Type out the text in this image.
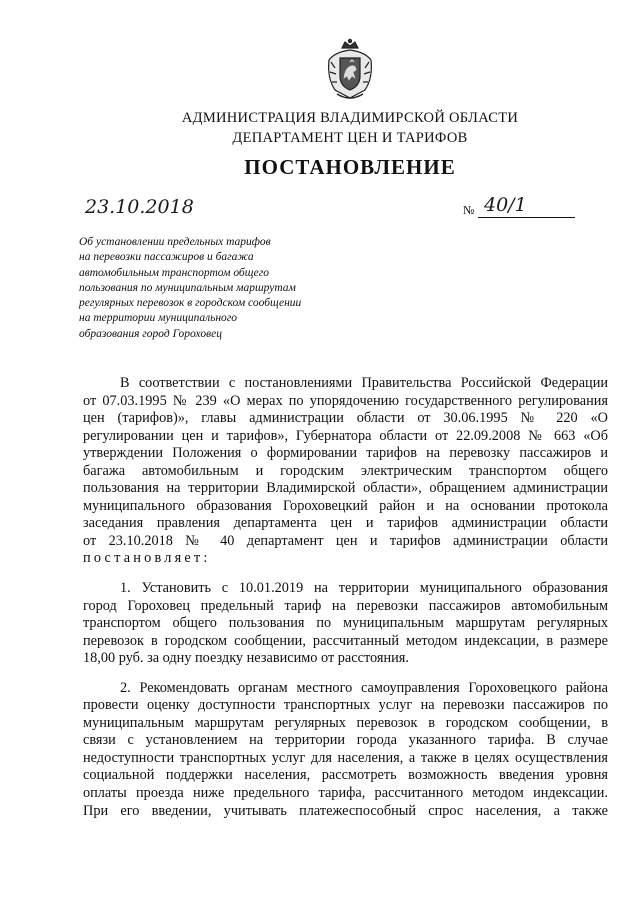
АДМИНИСТРАЦИЯ ВЛАДИМИРСКОЙ ОБЛАСТИ
ДЕПАРТАМЕНТ ЦЕН И ТАРИФОВ
ПОСТАНОВЛЕНИЕ
23.10.2018	№ 40/1
Об установлении предельных тарифов
на перевозки пассажиров и багажа
автомобильным транспортом общего
пользования по муниципальным маршрутам
регулярных перевозок в городском сообщении
на территории муниципального
образования город Гороховец
В соответствии с постановлениями Правительства Российской Федерации
от 07.03.1995 № 239 «О мерах по упорядочению государственного регулирования
цен (тарифов)», главы администрации области от 30.06.1995 № 220 «О
регулировании цен и тарифов», Губернатора области от 22.09.2008 № 663 «Об
утверждении Положения о формировании тарифов на перевозку пассажиров и
багажа автомобильным и городским электрическим транспортом общего
пользования на территории Владимирской области», обращением администрации
муниципального образования Гороховецкий район и на основании протокола
заседания правления департамента цен и тарифов администрации области
от 23.10.2018 № 40 департамент цен и тарифов администрации области
постановляет:
1. Установить с 10.01.2019 на территории муниципального образования
город Гороховец предельный тариф на перевозки пассажиров автомобильным
транспортом общего пользования по муниципальным маршрутам регулярных
перевозок в городском сообщении, рассчитанный методом индексации, в размере
18,00 руб. за одну поездку независимо от расстояния.
2. Рекомендовать органам местного самоуправления Гороховецкого района
провести оценку доступности транспортных услуг на перевозки пассажиров по
муниципальным маршрутам регулярных перевозок в городском сообщении, в
связи с установлением на территории города указанного тарифа. В случае
недоступности транспортных услуг для населения, а также в целях осуществления
социальной поддержки населения, рассмотреть возможность введения уровня
оплаты проезда ниже предельного тарифа, рассчитанного методом индексации.
При его введении, учитывать платежеспособный спрос населения, а также
